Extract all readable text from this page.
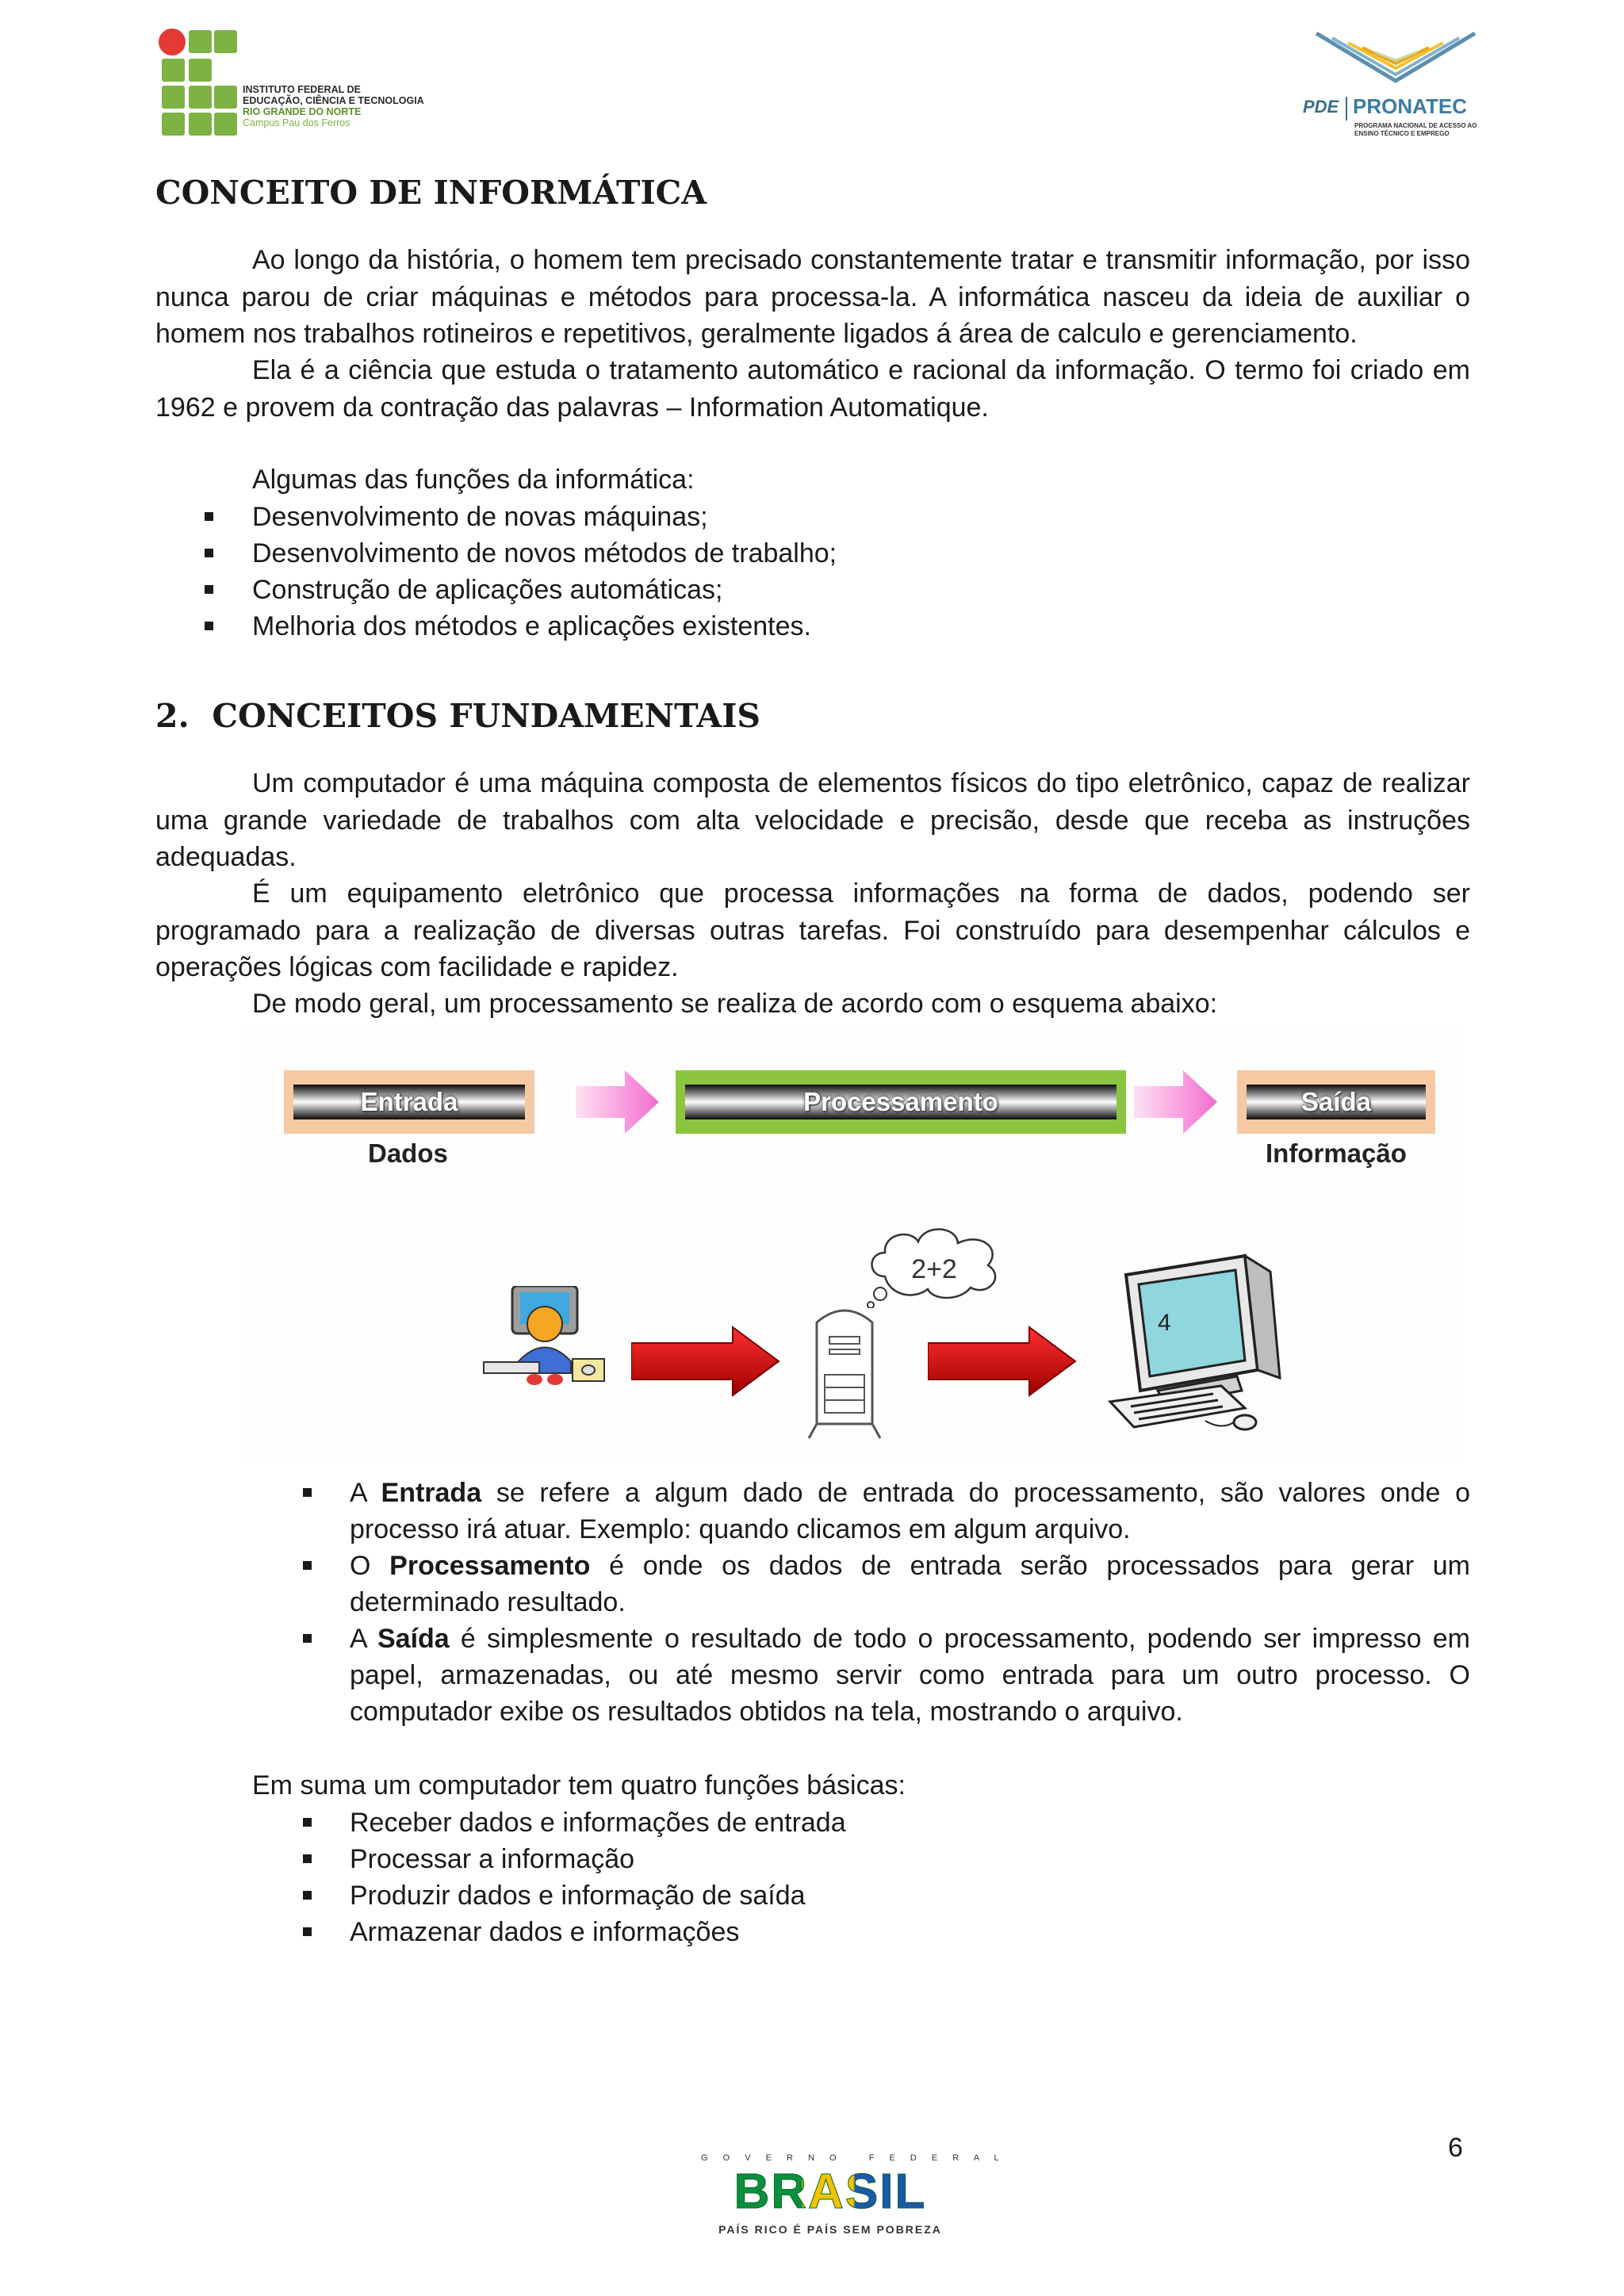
INSTITUTO FEDERAL DE
EDUCAÇÃO, CIÊNCIA E TECNOLOGIA
RIO GRANDE DO NORTE
Campus Pau dos Ferros
PDE PRONATEC
PROGRAMA NACIONAL DE ACESSO AO
ENSINO TÉCNICO E EMPREGO
CONCEITO DE INFORMÁTICA
Ao longo da história, o homem tem precisado constantemente tratar e transmitir informação, por isso nunca parou de criar máquinas e métodos para processa-la. A informática nasceu da ideia de auxiliar o homem nos trabalhos rotineiros e repetitivos, geralmente ligados á área de calculo e gerenciamento.
Ela é a ciência que estuda o tratamento automático e racional da informação. O termo foi criado em 1962 e provem da contração das palavras – Information Automatique.
Algumas das funções da informática:
Desenvolvimento de novas máquinas;
Desenvolvimento de novos métodos de trabalho;
Construção de aplicações automáticas;
Melhoria dos métodos e aplicações existentes.
2.  CONCEITOS FUNDAMENTAIS
Um computador é uma máquina composta de elementos físicos do tipo eletrônico, capaz de realizar uma grande variedade de trabalhos com alta velocidade e precisão, desde que receba as instruções adequadas.
É um equipamento eletrônico que processa informações na forma de dados, podendo ser programado para a realização de diversas outras tarefas. Foi construído para desempenhar cálculos e operações lógicas com facilidade e rapidez.
De modo geral, um processamento se realiza de acordo com o esquema abaixo:
Entrada	Processamento	Saída
Dados	Informação
2+2
4
A Entrada se refere a algum dado de entrada do processamento, são valores onde o
processo irá atuar. Exemplo: quando clicamos em algum arquivo.
O Processamento é onde os dados de entrada serão processados para gerar um
determinado resultado.
A Saída é simplesmente o resultado de todo o processamento, podendo ser impresso em
papel, armazenadas, ou até mesmo servir como entrada para um outro processo. O
computador exibe os resultados obtidos na tela, mostrando o arquivo.
Em suma um computador tem quatro funções básicas:
Receber dados e informações de entrada
Processar a informação
Produzir dados e informação de saída
Armazenar dados e informações
6
G O V E R N O   F E D E R A L
BRASIL
PAÍS RICO É PAÍS SEM POBREZA
